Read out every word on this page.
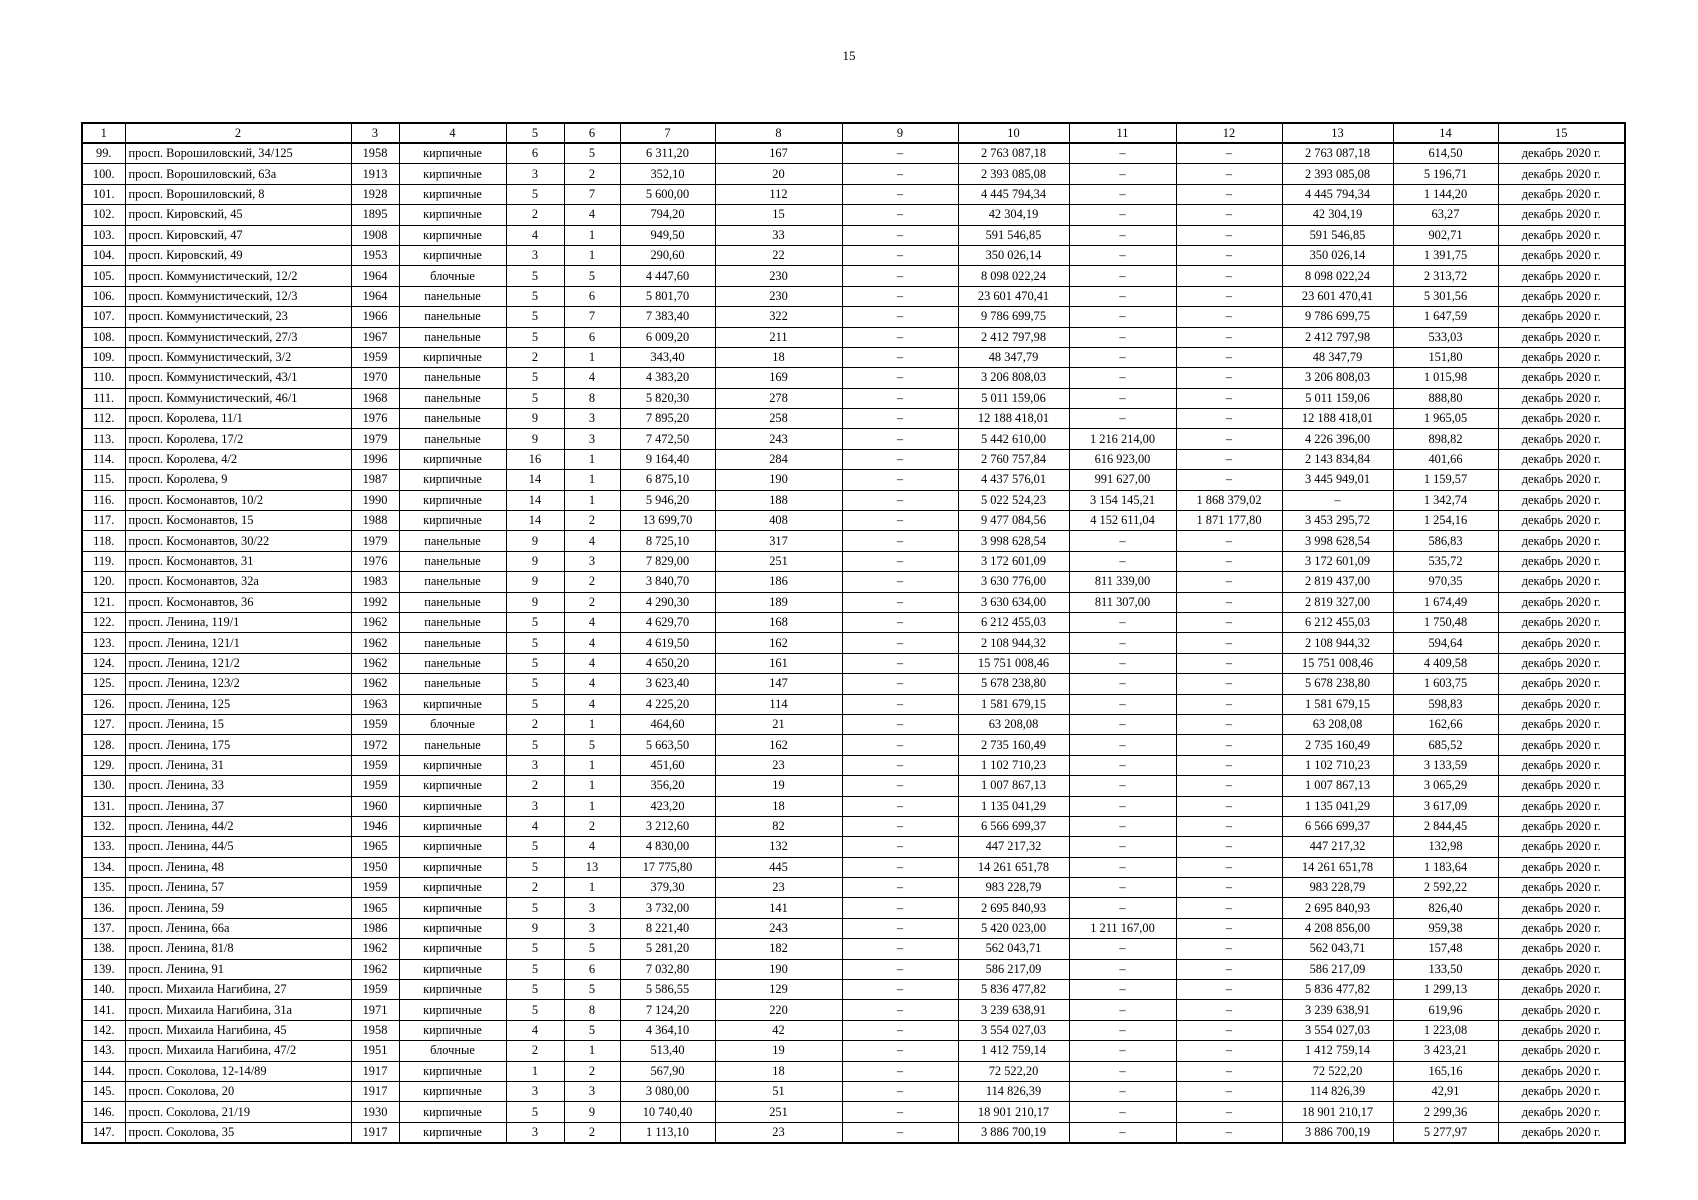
15
1	2	3	4	5	6	7	8	9	10	11	12	13	14	15
99.	просп. Ворошиловский, 34/125	1958	кирпичные	6	5	6 311,20	167	–	2 763 087,18	–	–	2 763 087,18	614,50	декабрь 2020 г.
100.	просп. Ворошиловский, 63а	1913	кирпичные	3	2	352,10	20	–	2 393 085,08	–	–	2 393 085,08	5 196,71	декабрь 2020 г.
101.	просп. Ворошиловский, 8	1928	кирпичные	5	7	5 600,00	112	–	4 445 794,34	–	–	4 445 794,34	1 144,20	декабрь 2020 г.
102.	просп. Кировский, 45	1895	кирпичные	2	4	794,20	15	–	42 304,19	–	–	42 304,19	63,27	декабрь 2020 г.
103.	просп. Кировский, 47	1908	кирпичные	4	1	949,50	33	–	591 546,85	–	–	591 546,85	902,71	декабрь 2020 г.
104.	просп. Кировский, 49	1953	кирпичные	3	1	290,60	22	–	350 026,14	–	–	350 026,14	1 391,75	декабрь 2020 г.
105.	просп. Коммунистический, 12/2	1964	блочные	5	5	4 447,60	230	–	8 098 022,24	–	–	8 098 022,24	2 313,72	декабрь 2020 г.
106.	просп. Коммунистический, 12/3	1964	панельные	5	6	5 801,70	230	–	23 601 470,41	–	–	23 601 470,41	5 301,56	декабрь 2020 г.
107.	просп. Коммунистический, 23	1966	панельные	5	7	7 383,40	322	–	9 786 699,75	–	–	9 786 699,75	1 647,59	декабрь 2020 г.
108.	просп. Коммунистический, 27/3	1967	панельные	5	6	6 009,20	211	–	2 412 797,98	–	–	2 412 797,98	533,03	декабрь 2020 г.
109.	просп. Коммунистический, 3/2	1959	кирпичные	2	1	343,40	18	–	48 347,79	–	–	48 347,79	151,80	декабрь 2020 г.
110.	просп. Коммунистический, 43/1	1970	панельные	5	4	4 383,20	169	–	3 206 808,03	–	–	3 206 808,03	1 015,98	декабрь 2020 г.
111.	просп. Коммунистический, 46/1	1968	панельные	5	8	5 820,30	278	–	5 011 159,06	–	–	5 011 159,06	888,80	декабрь 2020 г.
112.	просп. Королева, 11/1	1976	панельные	9	3	7 895,20	258	–	12 188 418,01	–	–	12 188 418,01	1 965,05	декабрь 2020 г.
113.	просп. Королева, 17/2	1979	панельные	9	3	7 472,50	243	–	5 442 610,00	1 216 214,00	–	4 226 396,00	898,82	декабрь 2020 г.
114.	просп. Королева, 4/2	1996	кирпичные	16	1	9 164,40	284	–	2 760 757,84	616 923,00	–	2 143 834,84	401,66	декабрь 2020 г.
115.	просп. Королева, 9	1987	кирпичные	14	1	6 875,10	190	–	4 437 576,01	991 627,00	–	3 445 949,01	1 159,57	декабрь 2020 г.
116.	просп. Космонавтов, 10/2	1990	кирпичные	14	1	5 946,20	188	–	5 022 524,23	3 154 145,21	1 868 379,02	–	1 342,74	декабрь 2020 г.
117.	просп. Космонавтов, 15	1988	кирпичные	14	2	13 699,70	408	–	9 477 084,56	4 152 611,04	1 871 177,80	3 453 295,72	1 254,16	декабрь 2020 г.
118.	просп. Космонавтов, 30/22	1979	панельные	9	4	8 725,10	317	–	3 998 628,54	–	–	3 998 628,54	586,83	декабрь 2020 г.
119.	просп. Космонавтов, 31	1976	панельные	9	3	7 829,00	251	–	3 172 601,09	–	–	3 172 601,09	535,72	декабрь 2020 г.
120.	просп. Космонавтов, 32а	1983	панельные	9	2	3 840,70	186	–	3 630 776,00	811 339,00	–	2 819 437,00	970,35	декабрь 2020 г.
121.	просп. Космонавтов, 36	1992	панельные	9	2	4 290,30	189	–	3 630 634,00	811 307,00	–	2 819 327,00	1 674,49	декабрь 2020 г.
122.	просп. Ленина, 119/1	1962	панельные	5	4	4 629,70	168	–	6 212 455,03	–	–	6 212 455,03	1 750,48	декабрь 2020 г.
123.	просп. Ленина, 121/1	1962	панельные	5	4	4 619,50	162	–	2 108 944,32	–	–	2 108 944,32	594,64	декабрь 2020 г.
124.	просп. Ленина, 121/2	1962	панельные	5	4	4 650,20	161	–	15 751 008,46	–	–	15 751 008,46	4 409,58	декабрь 2020 г.
125.	просп. Ленина, 123/2	1962	панельные	5	4	3 623,40	147	–	5 678 238,80	–	–	5 678 238,80	1 603,75	декабрь 2020 г.
126.	просп. Ленина, 125	1963	кирпичные	5	4	4 225,20	114	–	1 581 679,15	–	–	1 581 679,15	598,83	декабрь 2020 г.
127.	просп. Ленина, 15	1959	блочные	2	1	464,60	21	–	63 208,08	–	–	63 208,08	162,66	декабрь 2020 г.
128.	просп. Ленина, 175	1972	панельные	5	5	5 663,50	162	–	2 735 160,49	–	–	2 735 160,49	685,52	декабрь 2020 г.
129.	просп. Ленина, 31	1959	кирпичные	3	1	451,60	23	–	1 102 710,23	–	–	1 102 710,23	3 133,59	декабрь 2020 г.
130.	просп. Ленина, 33	1959	кирпичные	2	1	356,20	19	–	1 007 867,13	–	–	1 007 867,13	3 065,29	декабрь 2020 г.
131.	просп. Ленина, 37	1960	кирпичные	3	1	423,20	18	–	1 135 041,29	–	–	1 135 041,29	3 617,09	декабрь 2020 г.
132.	просп. Ленина, 44/2	1946	кирпичные	4	2	3 212,60	82	–	6 566 699,37	–	–	6 566 699,37	2 844,45	декабрь 2020 г.
133.	просп. Ленина, 44/5	1965	кирпичные	5	4	4 830,00	132	–	447 217,32	–	–	447 217,32	132,98	декабрь 2020 г.
134.	просп. Ленина, 48	1950	кирпичные	5	13	17 775,80	445	–	14 261 651,78	–	–	14 261 651,78	1 183,64	декабрь 2020 г.
135.	просп. Ленина, 57	1959	кирпичные	2	1	379,30	23	–	983 228,79	–	–	983 228,79	2 592,22	декабрь 2020 г.
136.	просп. Ленина, 59	1965	кирпичные	5	3	3 732,00	141	–	2 695 840,93	–	–	2 695 840,93	826,40	декабрь 2020 г.
137.	просп. Ленина, 66а	1986	кирпичные	9	3	8 221,40	243	–	5 420 023,00	1 211 167,00	–	4 208 856,00	959,38	декабрь 2020 г.
138.	просп. Ленина, 81/8	1962	кирпичные	5	5	5 281,20	182	–	562 043,71	–	–	562 043,71	157,48	декабрь 2020 г.
139.	просп. Ленина, 91	1962	кирпичные	5	6	7 032,80	190	–	586 217,09	–	–	586 217,09	133,50	декабрь 2020 г.
140.	просп. Михаила Нагибина, 27	1959	кирпичные	5	5	5 586,55	129	–	5 836 477,82	–	–	5 836 477,82	1 299,13	декабрь 2020 г.
141.	просп. Михаила Нагибина, 31а	1971	кирпичные	5	8	7 124,20	220	–	3 239 638,91	–	–	3 239 638,91	619,96	декабрь 2020 г.
142.	просп. Михаила Нагибина, 45	1958	кирпичные	4	5	4 364,10	42	–	3 554 027,03	–	–	3 554 027,03	1 223,08	декабрь 2020 г.
143.	просп. Михаила Нагибина, 47/2	1951	блочные	2	1	513,40	19	–	1 412 759,14	–	–	1 412 759,14	3 423,21	декабрь 2020 г.
144.	просп. Соколова, 12-14/89	1917	кирпичные	1	2	567,90	18	–	72 522,20	–	–	72 522,20	165,16	декабрь 2020 г.
145.	просп. Соколова, 20	1917	кирпичные	3	3	3 080,00	51	–	114 826,39	–	–	114 826,39	42,91	декабрь 2020 г.
146.	просп. Соколова, 21/19	1930	кирпичные	5	9	10 740,40	251	–	18 901 210,17	–	–	18 901 210,17	2 299,36	декабрь 2020 г.
147.	просп. Соколова, 35	1917	кирпичные	3	2	1 113,10	23	–	3 886 700,19	–	–	3 886 700,19	5 277,97	декабрь 2020 г.
